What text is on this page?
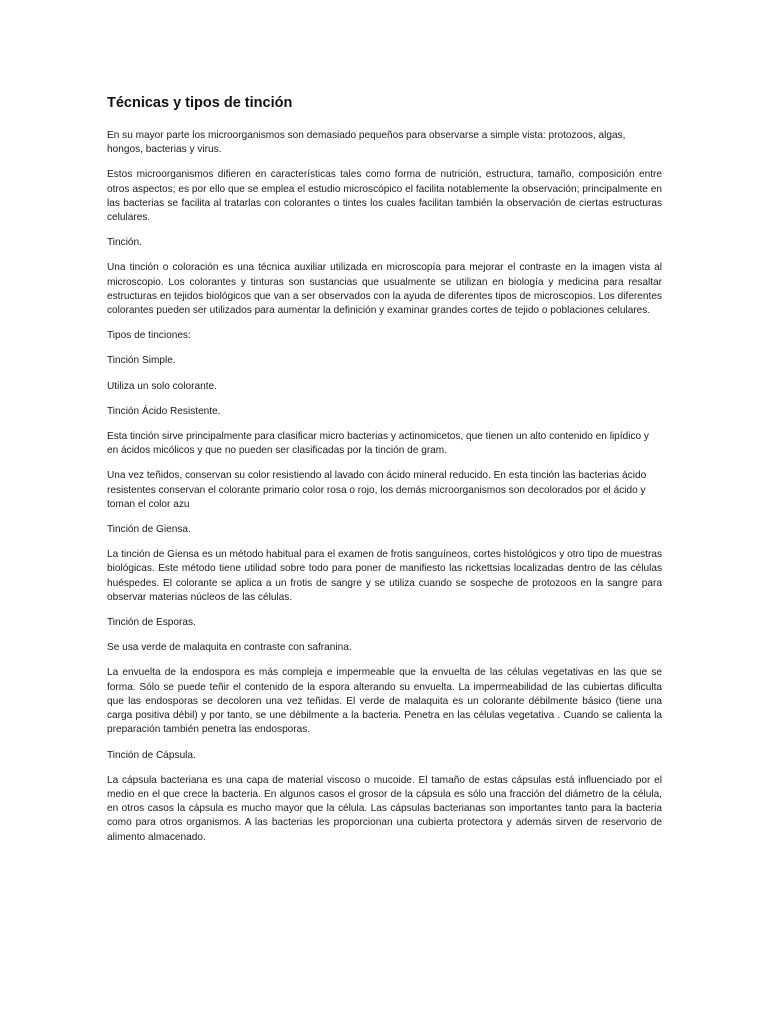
Técnicas y tipos de tinción

En su mayor parte los microorganismos son demasiado pequeños para observarse a simple vista: protozoos, algas, hongos, bacterias y virus.

Estos microorganismos difieren en características tales como forma de nutrición, estructura, tamaño, composición entre otros aspectos; es por ello que se emplea el estudio microscópico el facilita notablemente la observación; principalmente en las bacterias se facilita al tratarlas con colorantes o tintes los cuales facilitan también la observación de ciertas estructuras celulares.

Tinción.

Una tinción o coloración es una técnica auxiliar utilizada en microscopía para mejorar el contraste en la imagen vista al microscopio. Los colorantes y tinturas son sustancias que usualmente se utilizan en biología y medicina para resaltar estructuras en tejidos biológicos que van a ser observados con la ayuda de diferentes tipos de microscopios. Los diferentes colorantes pueden ser utilizados para aumentar la definición y examinar grandes cortes de tejido o poblaciones celulares.

Tipos de tinciones:

Tinción Simple.

Utiliza un solo colorante.

Tinción Ácido Resistente.

Esta tinción sirve principalmente para clasificar micro bacterias y actinomicetos, que tienen un alto contenido en lipídico y en ácidos micólicos y que no pueden ser clasificadas por la tinción de gram.

Una vez teñidos, conservan su color resistiendo al lavado con ácido mineral reducido. En esta tinción las bacterias ácido resistentes conservan el colorante primario color rosa o rojo, los demás microorganismos son decolorados por el ácido y toman el color azu

Tinción de Giensa.

La tinción de Giensa es un método habitual para el examen de frotis sanguíneos, cortes histológicos y otro tipo de muestras biológicas. Este método tiene utilidad sobre todo para poner de manifiesto las rickettsias localizadas dentro de las células huéspedes. El colorante se aplica a un frotis de sangre y se utiliza cuando se sospeche de protozoos en la sangre para observar materias núcleos de las células.

Tinción de Esporas.

Se usa verde de malaquita en contraste con safranina.

La envuelta de la endospora es más compleja e impermeable que la envuelta de las células vegetativas en las que se forma. Sólo se puede teñir el contenido de la espora alterando su envuelta. La impermeabilidad de las cubiertas dificulta que las endosporas se decoloren una vez teñidas. El verde de malaquita es un colorante débilmente básico (tiene una carga positiva débil) y por tanto, se une débilmente a la bacteria. Penetra en las células vegetativa . Cuando se calienta la preparación también penetra las endosporas.

Tinción de Cápsula.

La cápsula bacteriana es una capa de material viscoso o mucoide. El tamaño de estas cápsulas está influenciado por el medio en el que crece la bacteria. En algunos casos el grosor de la cápsula es sólo una fracción del diámetro de la célula, en otros casos la cápsula es mucho mayor que la célula. Las cápsulas bacterianas son importantes tanto para la bacteria como para otros organismos. A las bacterias les proporcionan una cubierta protectora y además sirven de reservorio de alimento almacenado.
